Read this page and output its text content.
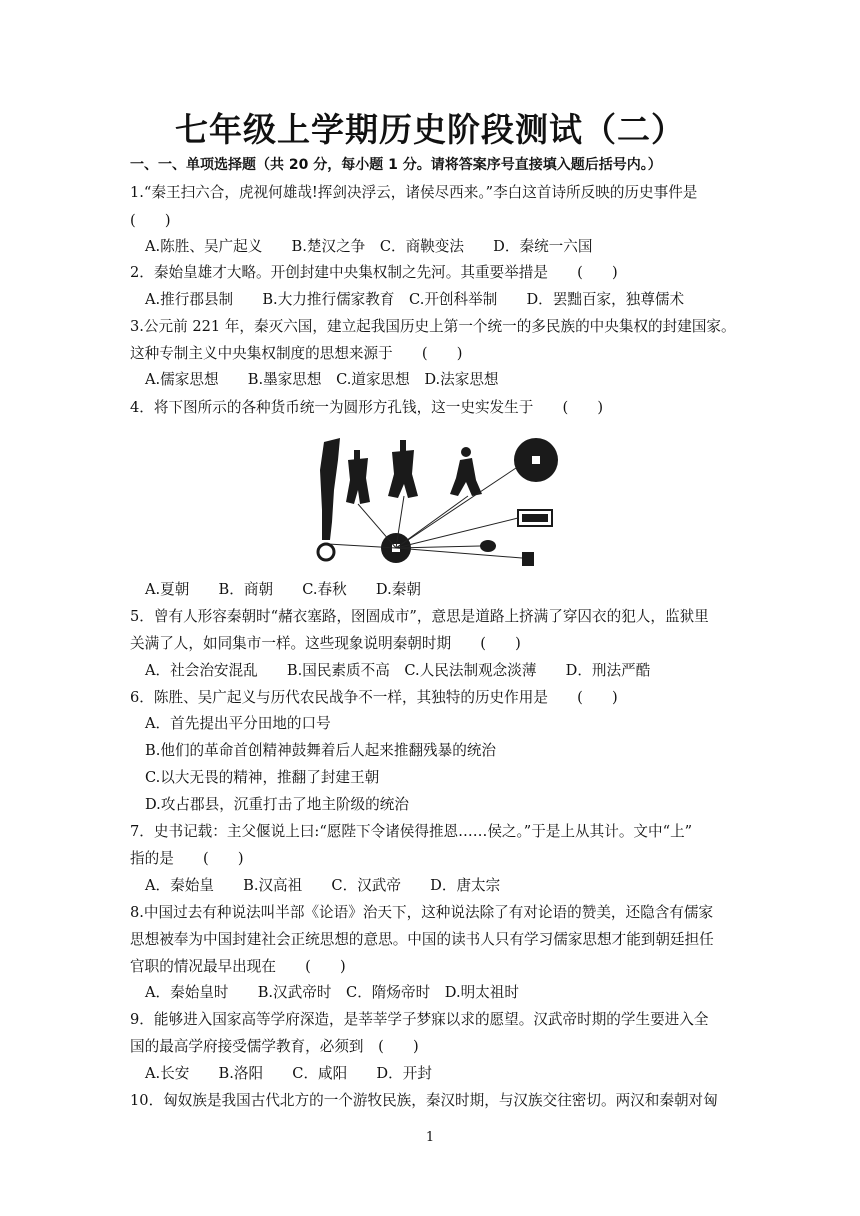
七年级上学期历史阶段测试（二）
一、一、单项选择题（共 20 分，每小题 1 分。请将答案序号直接填入题后括号内。）
1.“秦王扫六合，虎视何雄哉!挥剑决浮云，诸侯尽西来。”李白这首诗所反映的历史事件是
(　　)
A.陈胜、吴广起义　　B.楚汉之争　C．商鞅变法　　D．秦统一六国
2．秦始皇雄才大略。开创封建中央集权制之先河。其重要举措是　　(　　)
A.推行郡县制　　B.大力推行儒家教育　C.开创科举制　　D．罢黜百家，独尊儒术
3.公元前 221 年，秦灭六国，建立起我国历史上第一个统一的多民族的中央集权的封建国家。
这种专制主义中央集权制度的思想来源于　　(　　)
A.儒家思想　　B.墨家思想　C.道家思想　D.法家思想
4．将下图所示的各种货币统一为圆形方孔钱，这一史实发生于　　(　　)
A.夏朝　　B．商朝　　C.春秋　　D.秦朝
5．曾有人形容秦朝时“赭衣塞路，囹圄成市”，意思是道路上挤满了穿囚衣的犯人，监狱里
关满了人，如同集市一样。这些现象说明秦朝时期　　(　　)
A．社会治安混乱　　B.国民素质不高　C.人民法制观念淡薄　　D．刑法严酷
6．陈胜、吴广起义与历代农民战争不一样，其独特的历史作用是　　(　　)
A．首先提出平分田地的口号
B.他们的革命首创精神鼓舞着后人起来推翻残暴的统治
C.以大无畏的精神，推翻了封建王朝
D.攻占郡县，沉重打击了地主阶级的统治
7．史书记载：主父偃说上曰:“愿陛下令诸侯得推恩……侯之。”于是上从其计。文中“上”
指的是　　(　　)
A．秦始皇　　B.汉高祖　　C．汉武帝　　D．唐太宗
8.中国过去有种说法叫半部《论语》治天下，这种说法除了有对论语的赞美，还隐含有儒家
思想被奉为中国封建社会正统思想的意思。中国的读书人只有学习儒家思想才能到朝廷担任
官职的情况最早出现在　　(　　)
A．秦始皇时　　B.汉武帝时　C．隋炀帝时　D.明太祖时
9．能够进入国家高等学府深造，是莘莘学子梦寐以求的愿望。汉武帝时期的学生要进入全
国的最高学府接受儒学教育，必须到　(　　)
A.长安　　B.洛阳　　C．咸阳　　D．开封
10．匈奴族是我国古代北方的一个游牧民族，秦汉时期，与汉族交往密切。两汉和秦朝对匈
1
